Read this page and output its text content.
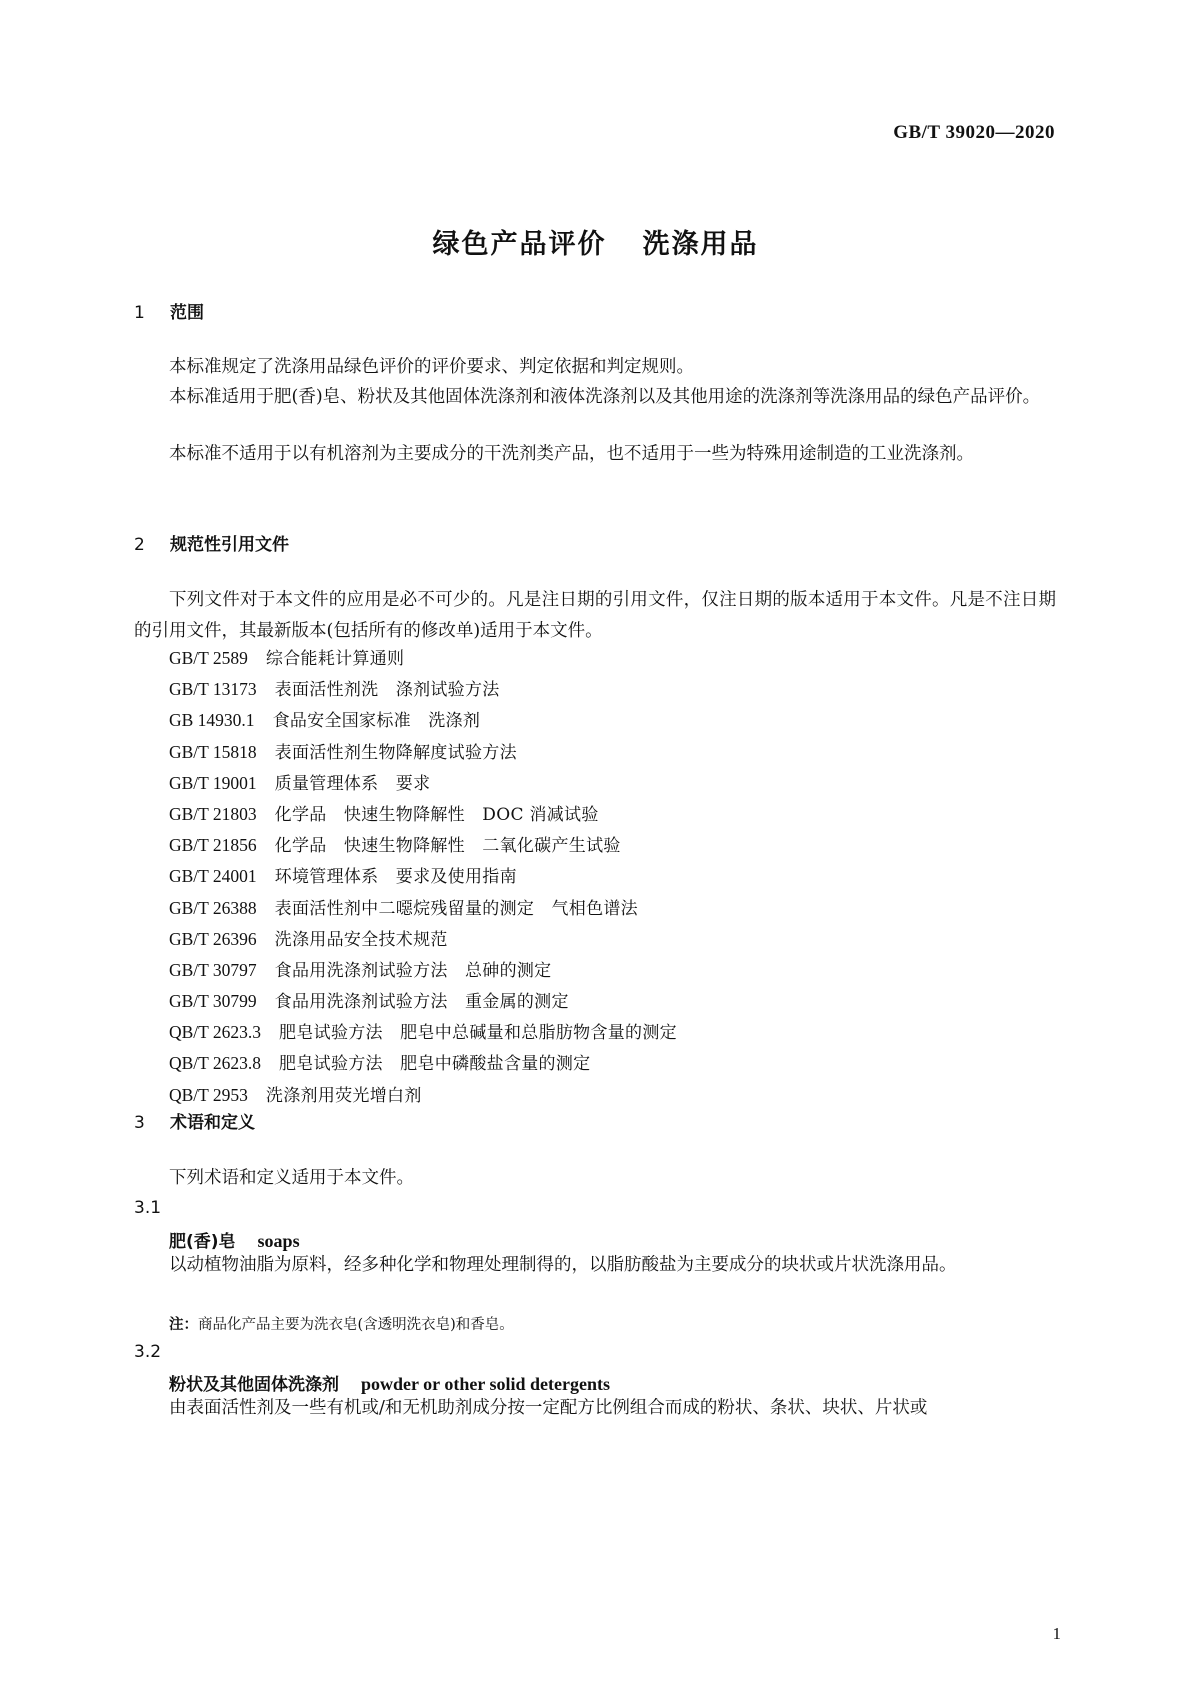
GB/T 39020—2020
绿色产品评价 洗涤用品
1 范围
本标准规定了洗涤用品绿色评价的评价要求、判定依据和判定规则。
本标准适用于肥(香)皂、粉状及其他固体洗涤剂和液体洗涤剂以及其他用途的洗涤剂等洗涤用品的绿色产品评价。
本标准不适用于以有机溶剂为主要成分的干洗剂类产品，也不适用于一些为特殊用途制造的工业洗涤剂。
2 规范性引用文件
下列文件对于本文件的应用是必不可少的。凡是注日期的引用文件，仅注日期的版本适用于本文件。凡是不注日期的引用文件，其最新版本(包括所有的修改单)适用于本文件。
GB/T 2589 综合能耗计算通则
GB/T 13173 表面活性剂洗　涤剂试验方法
GB 14930.1 食品安全国家标准　洗涤剂
GB/T 15818 表面活性剂生物降解度试验方法
GB/T 19001 质量管理体系　要求
GB/T 21803 化学品　快速生物降解性　DOC 消减试验
GB/T 21856 化学品　快速生物降解性　二氧化碳产生试验
GB/T 24001 环境管理体系　要求及使用指南
GB/T 26388 表面活性剂中二噁烷残留量的测定　气相色谱法
GB/T 26396 洗涤用品安全技术规范
GB/T 30797 食品用洗涤剂试验方法　总砷的测定
GB/T 30799 食品用洗涤剂试验方法　重金属的测定
QB/T 2623.3 肥皂试验方法　肥皂中总碱量和总脂肪物含量的测定
QB/T 2623.8 肥皂试验方法　肥皂中磷酸盐含量的测定
QB/T 2953 洗涤剂用荧光增白剂
3 术语和定义
下列术语和定义适用于本文件。
3.1
肥(香)皂 soaps
以动植物油脂为原料，经多种化学和物理处理制得的，以脂肪酸盐为主要成分的块状或片状洗涤用品。
注：商品化产品主要为洗衣皂(含透明洗衣皂)和香皂。
3.2
粉状及其他固体洗涤剂 powder or other solid detergents
由表面活性剂及一些有机或/和无机助剂成分按一定配方比例组合而成的粉状、条状、块状、片状或
1
